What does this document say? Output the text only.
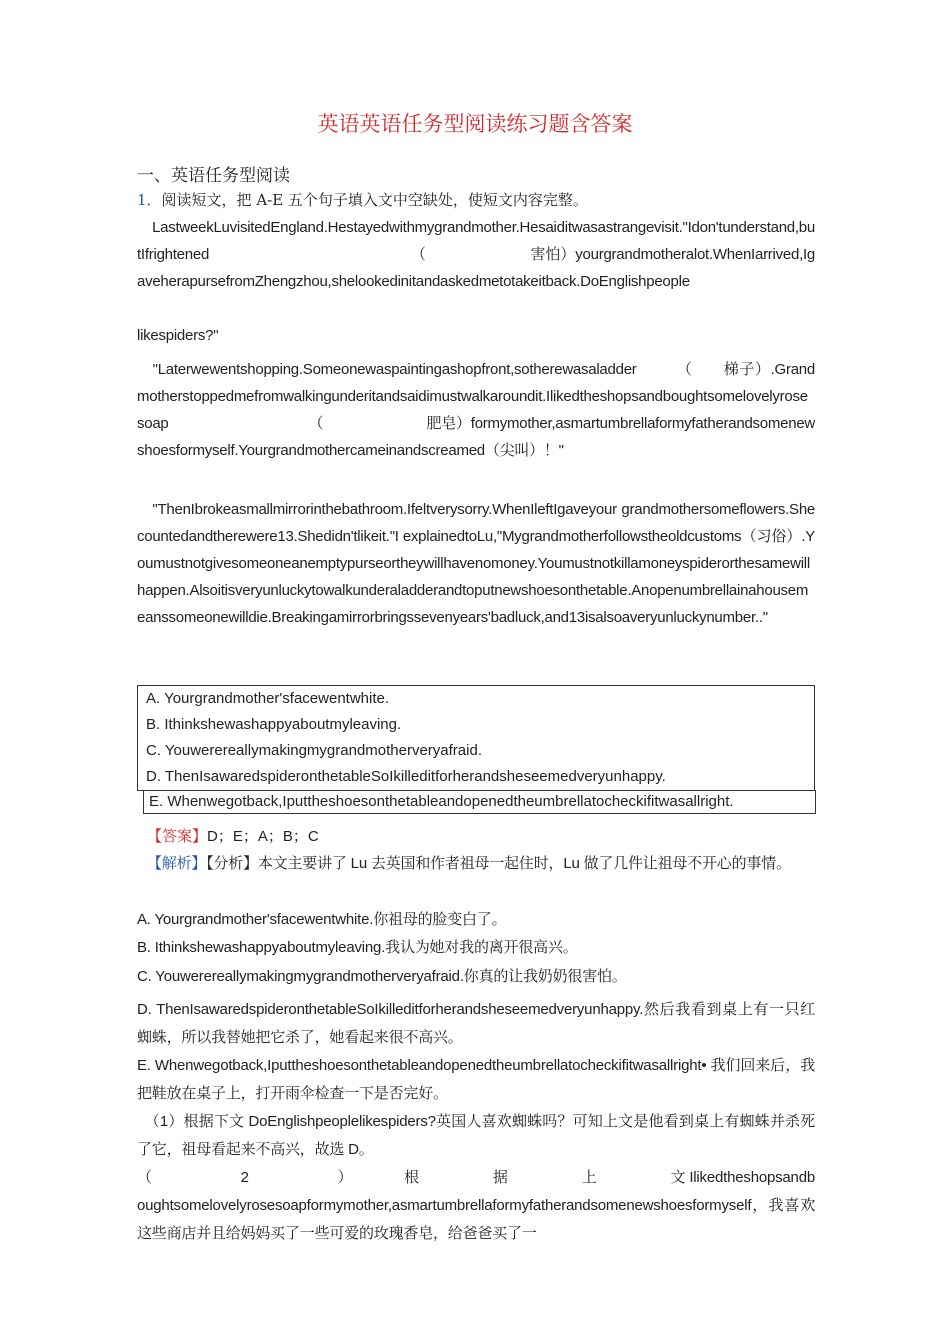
英语英语任务型阅读练习题含答案
一、英语任务型阅读
1．阅读短文，把 A-E 五个句子填入文中空缺处，使短文内容完整。
　LastweekLuvisitedEngland.Hestayedwithmygrandmother.Hesaiditwasastrangevisit."Idon'tunderstand,butIfrightened　　　　　　　　　　　　　　（　　　　　　　害怕）yourgrandmotheralot.WhenIarrived,IgaveherapursefromZhengzhou,shelookedinitandaskedmetotakeitback.DoEnglishpeople
likespiders?"
　"Laterwewentshopping.Someonewaspaintingashopfront,sotherewasaladder　　　（　　梯子）.Grandmotherstoppedmefromwalkingunderitandsaidimustwalkaroundit.Ilikedtheshopsandboughtsomelovelyrosesoap　　　　　　　　　　（　　　　　　　肥皂）formymother,asmartumbrellaformyfatherandsomenewshoesformyself.Yourgrandmothercameinandscreamed（尖叫）！"
　"ThenIbrokeasmallmirrorinthebathroom.Ifeltverysorry.WhenIleftIgaveyour grandmothersomeflowers.Shecountedandtherewere13.Shedidn'tlikeit."I explainedtoLu,"Mygrandmotherfollowstheoldcustoms（习俗）.Youmustnotgivesomeoneanemptypurseortheywillhavenomoney.Youmustnotkillamoneyspiderorthesamewillhappen.Alsoitisveryunluckytowalkunderaladderandtoputnewshoesonthetable.Anopenumbrellainahousemeanssomeonewilldie.Breakingamirrorbringssevenyears'badluck,and13isalsoaveryunluckynumber.."
A. Yourgrandmother'sfacewentwhite.
B. Ithinkshewashappyaboutmyleaving.
C. Youwerereallymakingmygrandmotherveryafraid.
D. ThenIsawaredspideronthetableSoIkilleditforherandsheseemedveryunhappy.
E. Whenwegotback,Iputtheshoesonthetableandopenedtheumbrellatocheckifitwasallright.
【答案】D；E；A；B；C
【解析】【分析】本文主要讲了 Lu 去英国和作者祖母一起住时，Lu 做了几件让祖母不开心的事情。
A. Yourgrandmother'sfacewentwhite.你祖母的脸变白了。
B. Ithinkshewashappyaboutmyleaving.我认为她对我的离开很高兴。
C. Youwerereallymakingmygrandmotherveryafraid.你真的让我奶奶很害怕。
D. ThenIsawaredspideronthetableSoIkilleditforherandsheseemedveryunhappy.然后我看到桌上有一只红蜘蛛，所以我替她把它杀了，她看起来很不高兴。
E. Whenwegotback,Iputtheshoesonthetableandopenedtheumbrellatocheckifitwasallright• 我们回来后，我把鞋放在桌子上，打开雨伞检查一下是否完好。
　（1）根据下文 DoEnglishpeoplelikespiders?英国人喜欢蜘蛛吗？可知上文是他看到桌上有蜘蛛并杀死了它，祖母看起来不高兴，故选 D。
（　　　　　　2　　　　　　）　　　　根　　　　　据　　　　　上　　　　　文 Ilikedtheshopsandboughtsomelovelyrosesoapformymother,asmartumbrellaformyfatherandsomenewshoesformyself，我喜欢这些商店并且给妈妈买了一些可爱的玫瑰香皂，给爸爸买了一
